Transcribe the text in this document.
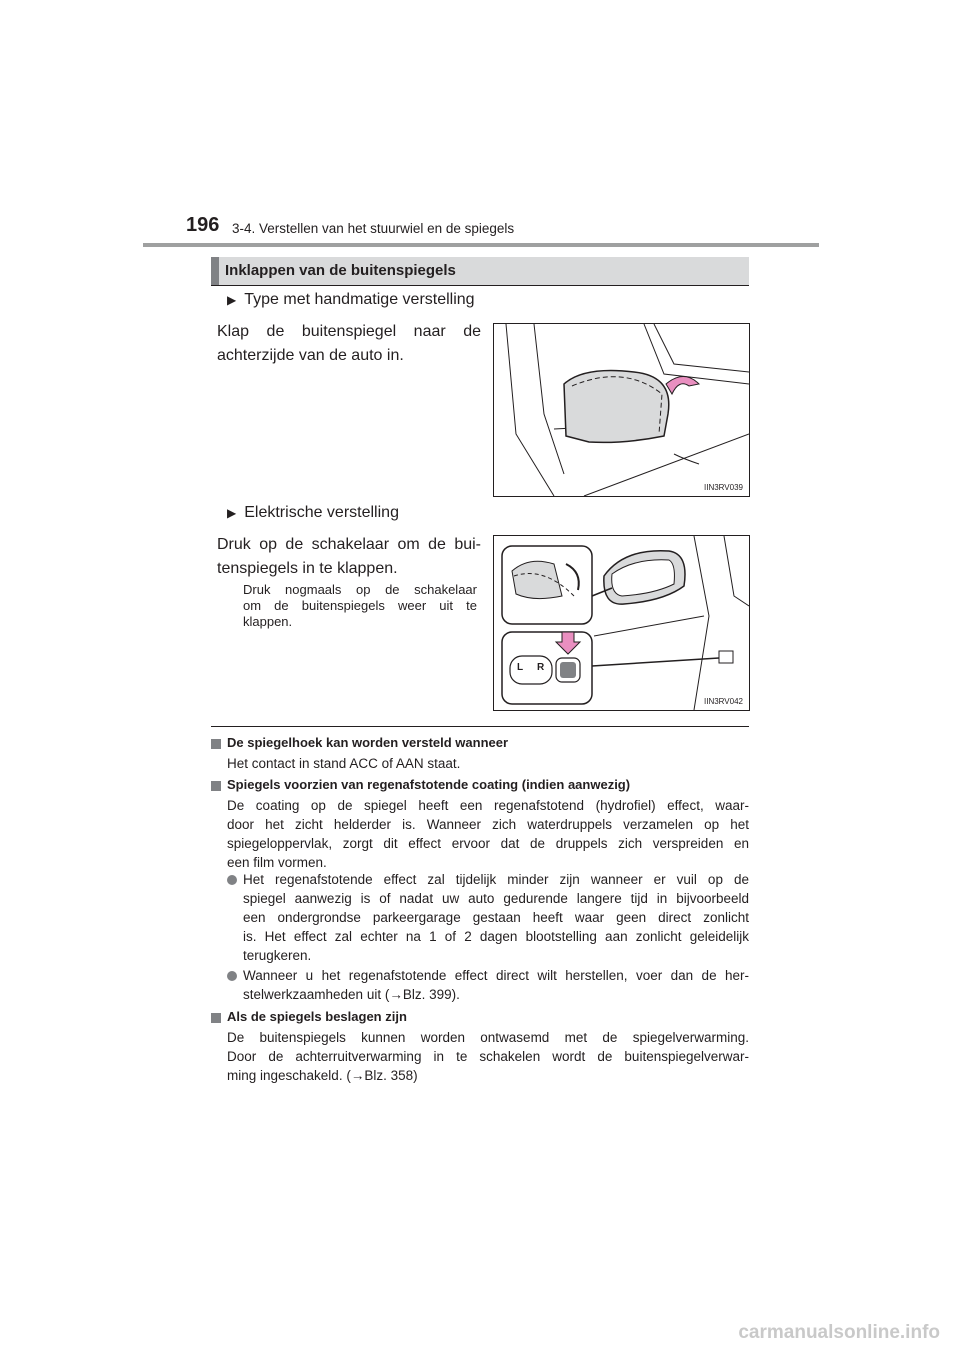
196 3-4. Verstellen van het stuurwiel en de spiegels
Inklappen van de buitenspiegels
▶ Type met handmatige verstelling
Klap de buitenspiegel naar de
achterzijde van de auto in.
IIN3RV039
▶ Elektrische verstelling
Druk op de schakelaar om de bui-
tenspiegels in te klappen.
Druk nogmaals op de schakelaar
om de buitenspiegels weer uit te
klappen.
L R
IIN3RV042
De spiegelhoek kan worden versteld wanneer
Het contact in stand ACC of AAN staat.
Spiegels voorzien van regenafstotende coating (indien aanwezig)
De coating op de spiegel heeft een regenafstotend (hydrofiel) effect, waar-
door het zicht helderder is. Wanneer zich waterdruppels verzamelen op het
spiegeloppervlak, zorgt dit effect ervoor dat de druppels zich verspreiden en
een film vormen.
Het regenafstotende effect zal tijdelijk minder zijn wanneer er vuil op de
spiegel aanwezig is of nadat uw auto gedurende langere tijd in bijvoorbeeld
een ondergrondse parkeergarage gestaan heeft waar geen direct zonlicht
is. Het effect zal echter na 1 of 2 dagen blootstelling aan zonlicht geleidelijk
terugkeren.
Wanneer u het regenafstotende effect direct wilt herstellen, voer dan de her-
stelwerkzaamheden uit (→Blz. 399).
Als de spiegels beslagen zijn
De buitenspiegels kunnen worden ontwasemd met de spiegelverwarming.
Door de achterruitverwarming in te schakelen wordt de buitenspiegelverwar-
ming ingeschakeld. (→Blz. 358)
carmanualsonline.info
